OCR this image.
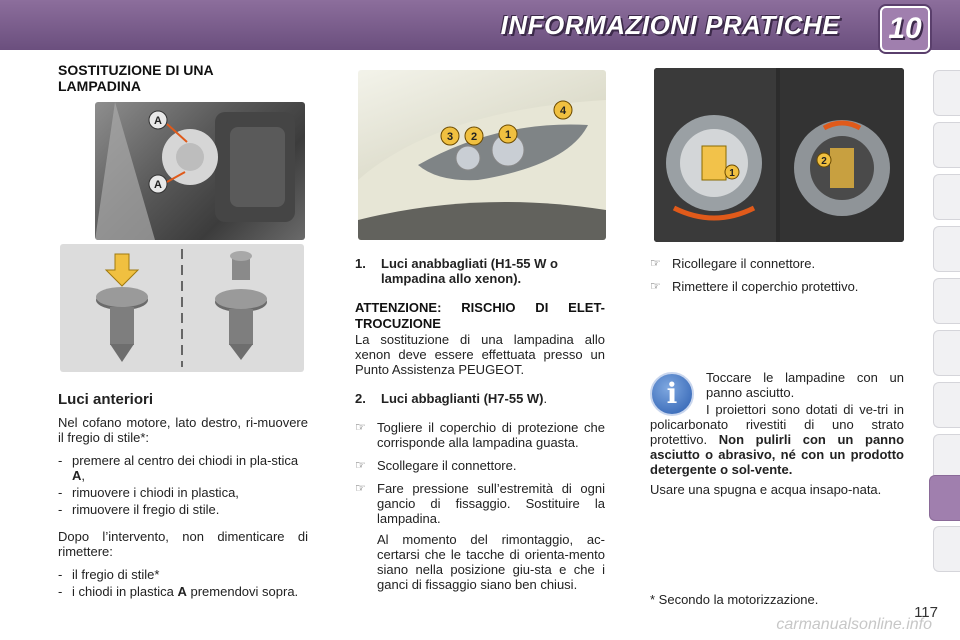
INFORMAZIONI PRATICHE 10
SOSTITUZIONE DI UNA LAMPADINA
A
A
Luci anteriori

Nel cofano motore, lato destro, ri-muovere il fregio di stile*:

- premere al centro dei chiodi in pla-stica A,
- rimuovere i chiodi in plastica,
- rimuovere il fregio di stile.

Dopo l’intervento, non dimenticare di rimettere:

- il fregio di stile*
- i chiodi in plastica A premendovi sopra.
3 2	1
4
1.	Luci anabbagliati (H1-55 W o lampadina allo xenon).
ATTENZIONE: RISCHIO DI ELET-TROCUZIONE

La sostituzione di una lampadina allo xenon deve essere effettuata presso un Punto Assistenza PEUGEOT.

2.	Luci abbaglianti (H7-55 W).
☞ Togliere il coperchio di protezione che corrisponde alla lampadina guasta.
☞ Scollegare il connettore.
☞ Fare pressione sull’estremità di ogni gancio di fissaggio. Sostituire la lampadina.
Al momento del rimontaggio, ac-certarsi che le tacche di orienta-mento siano nella posizione giu-sta e che i ganci di fissaggio siano ben chiusi.
1
2
☞ Ricollegare il connettore.
☞ Rimettere il coperchio protettivo.
i	Toccare le lampadine con un panno asciutto.
I proiettori sono dotati di ve-tri in policarbonato rivestiti di uno strato protettivo. Non pulirli con un panno asciutto o abrasivo, né con un prodotto detergente o sol-vente.
Usare una spugna e acqua insapo-nata.
* Secondo la motorizzazione.
117
carmanualsonline.info
